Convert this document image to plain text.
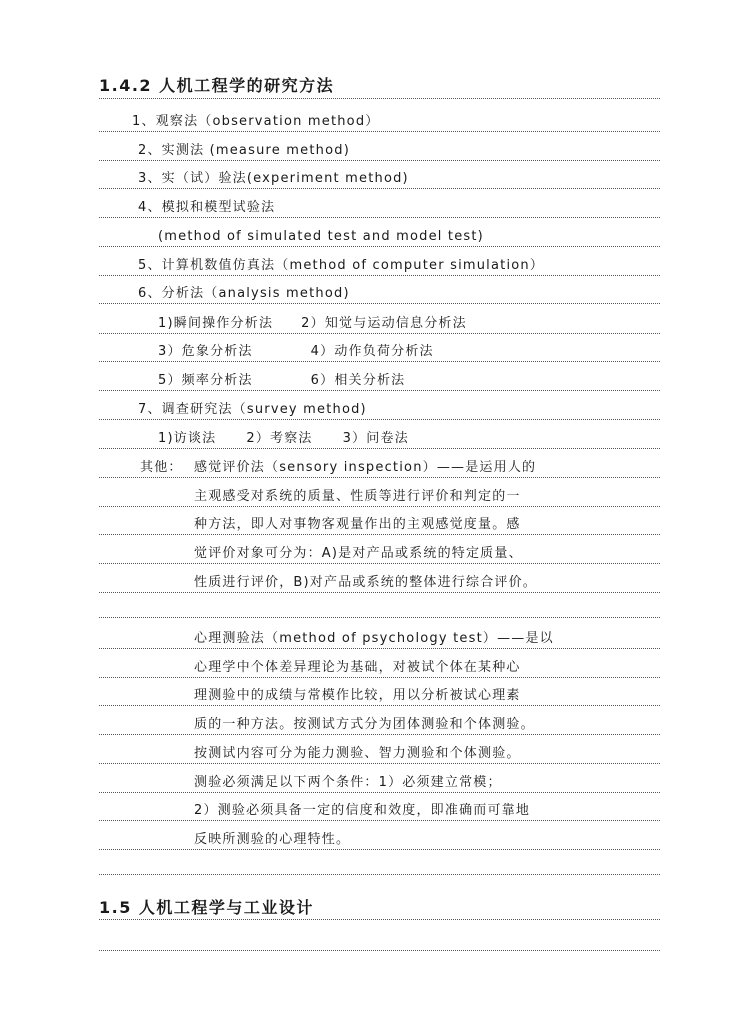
1.4.2 人机工程学的研究方法
1、观察法（observation method）
2、实测法 (measure method)
3、实（试）验法(experiment method)
4、模拟和模型试验法
(method of simulated test and model test)
5、计算机数值仿真法（method of computer simulation）
6、分析法（analysis method)
1)瞬间操作分析法 2）知觉与运动信息分析法
3）危象分析法	4）动作负荷分析法
5）频率分析法	6）相关分析法
7、调查研究法（survey method)
1)访谈法 2）考察法 3）问卷法
其他： 感觉评价法（sensory inspection）——是运用人的
主观感受对系统的质量、性质等进行评价和判定的一
种方法，即人对事物客观量作出的主观感觉度量。感
觉评价对象可分为：A)是对产品或系统的特定质量、
性质进行评价，B)对产品或系统的整体进行综合评价。
心理测验法（method of psychology test）——是以
心理学中个体差异理论为基础，对被试个体在某种心
理测验中的成绩与常模作比较，用以分析被试心理素
质的一种方法。按测试方式分为团体测验和个体测验。
按测试内容可分为能力测验、智力测验和个体测验。
测验必须满足以下两个条件：1）必须建立常模；
2）测验必须具备一定的信度和效度，即准确而可靠地
反映所测验的心理特性。
1.5 人机工程学与工业设计
